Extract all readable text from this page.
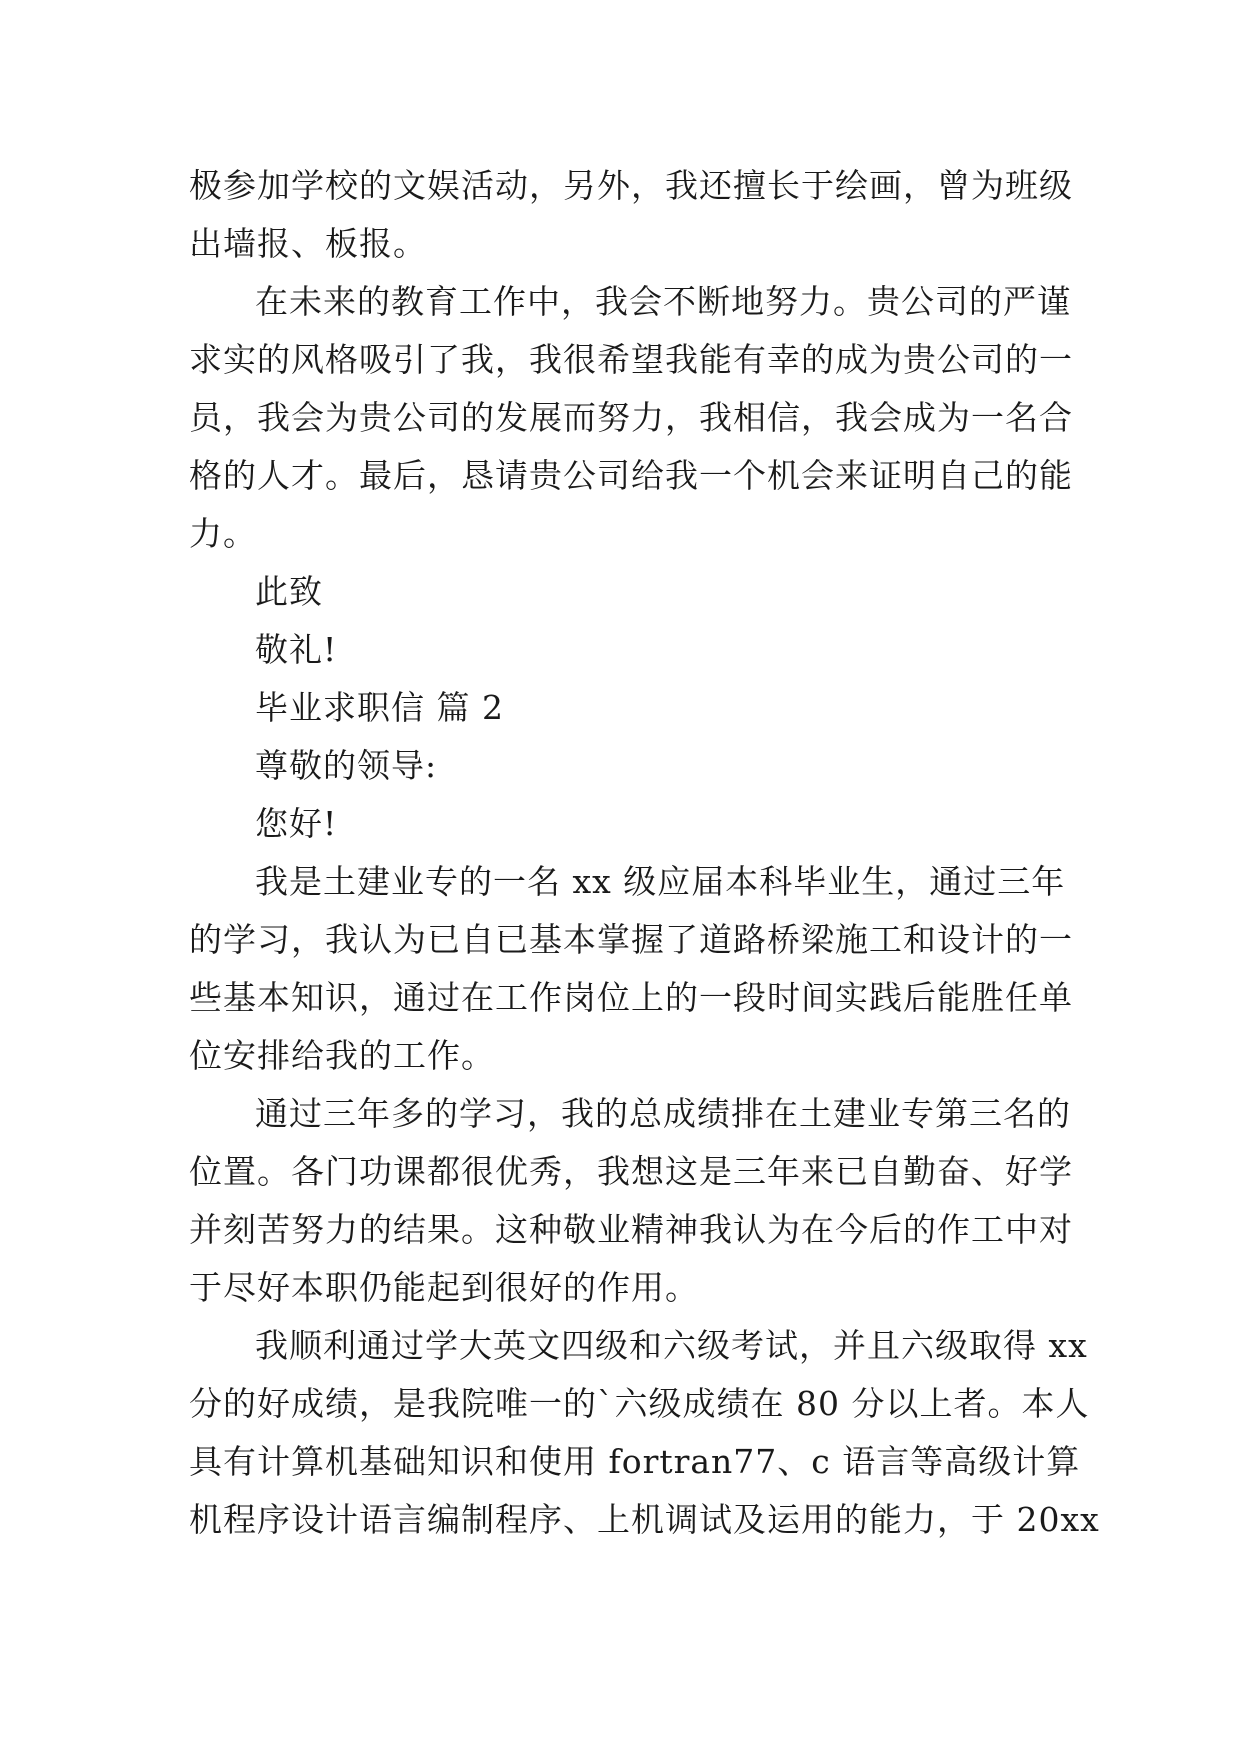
极参加学校的文娱活动，另外，我还擅长于绘画，曾为班级
出墙报、板报。
在未来的教育工作中，我会不断地努力。贵公司的严谨
求实的风格吸引了我，我很希望我能有幸的成为贵公司的一
员，我会为贵公司的发展而努力，我相信，我会成为一名合
格的人才。最后，恳请贵公司给我一个机会来证明自己的能
力。
此致
敬礼!
毕业求职信 篇 2
尊敬的领导:
您好!
我是土建业专的一名 xx 级应届本科毕业生，通过三年
的学习，我认为已自已基本掌握了道路桥梁施工和设计的一
些基本知识，通过在工作岗位上的一段时间实践后能胜任单
位安排给我的工作。
通过三年多的学习，我的总成绩排在土建业专第三名的
位置。各门功课都很优秀，我想这是三年来已自勤奋、好学
并刻苦努力的结果。这种敬业精神我认为在今后的作工中对
于尽好本职仍能起到很好的作用。
我顺利通过学大英文四级和六级考试，并且六级取得 xx
分的好成绩，是我院唯一的`六级成绩在 80 分以上者。本人
具有计算机基础知识和使用 fortran77、c 语言等高级计算
机程序设计语言编制程序、上机调试及运用的能力，于 20xx
